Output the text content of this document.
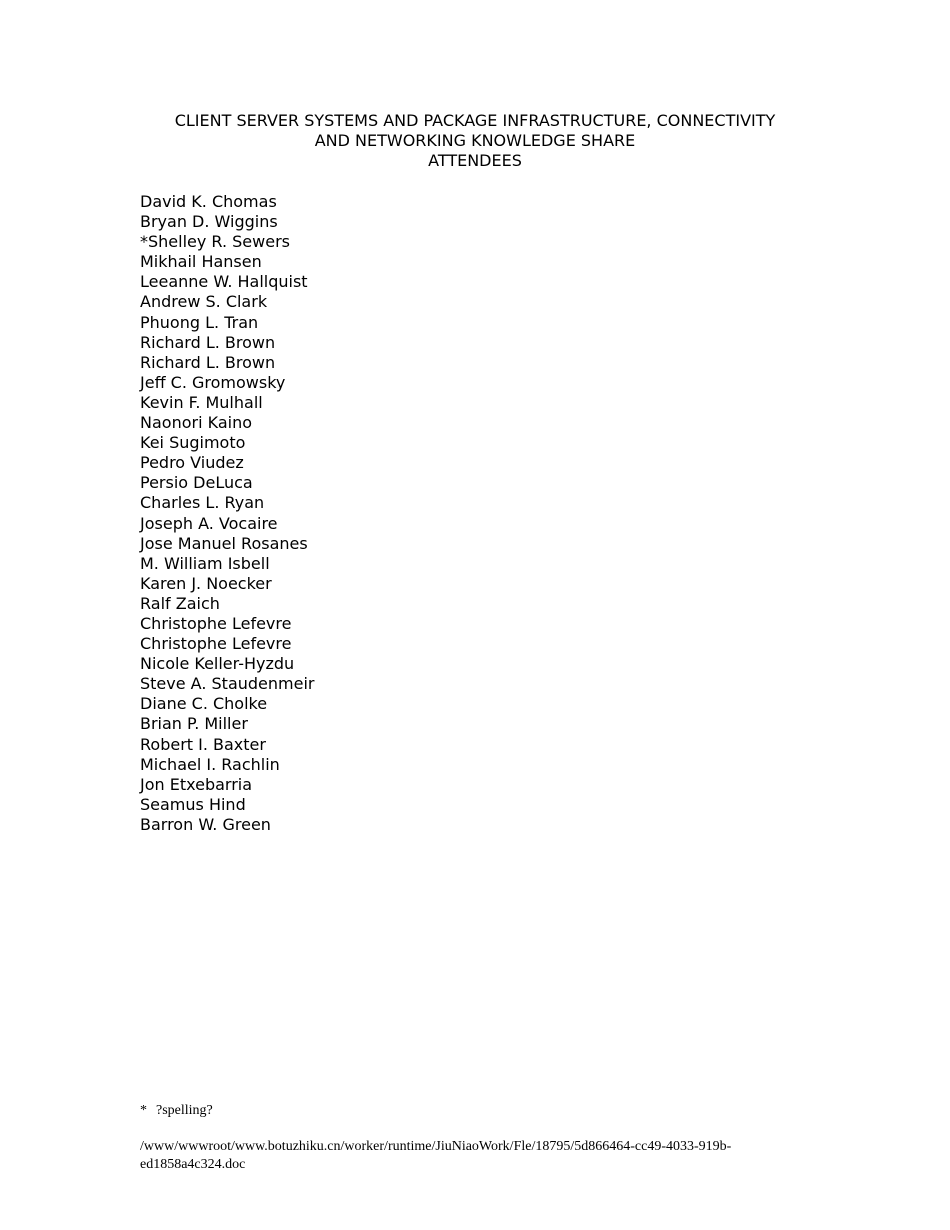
CLIENT SERVER SYSTEMS AND PACKAGE INFRASTRUCTURE, CONNECTIVITY
AND NETWORKING KNOWLEDGE SHARE
ATTENDEES
David K. Chomas
Bryan D. Wiggins
*Shelley R. Sewers
Mikhail Hansen
Leeanne W. Hallquist
Andrew S. Clark
Phuong L. Tran
Richard L. Brown
Richard L. Brown
Jeff C. Gromowsky
Kevin F. Mulhall
Naonori Kaino
Kei Sugimoto
Pedro Viudez
Persio DeLuca
Charles L. Ryan
Joseph A. Vocaire
Jose Manuel Rosanes
M. William Isbell
Karen J. Noecker
Ralf Zaich
Christophe Lefevre
Christophe Lefevre
Nicole Keller-Hyzdu
Steve A. Staudenmeir
Diane C. Cholke
Brian P. Miller
Robert I. Baxter
Michael I. Rachlin
Jon Etxebarria
Seamus Hind
Barron W. Green
* ?spelling?
/www/wwwroot/www.botuzhiku.cn/worker/runtime/JiuNiaoWork/Fle/18795/5d866464-cc49-4033-919b-
ed1858a4c324.doc
